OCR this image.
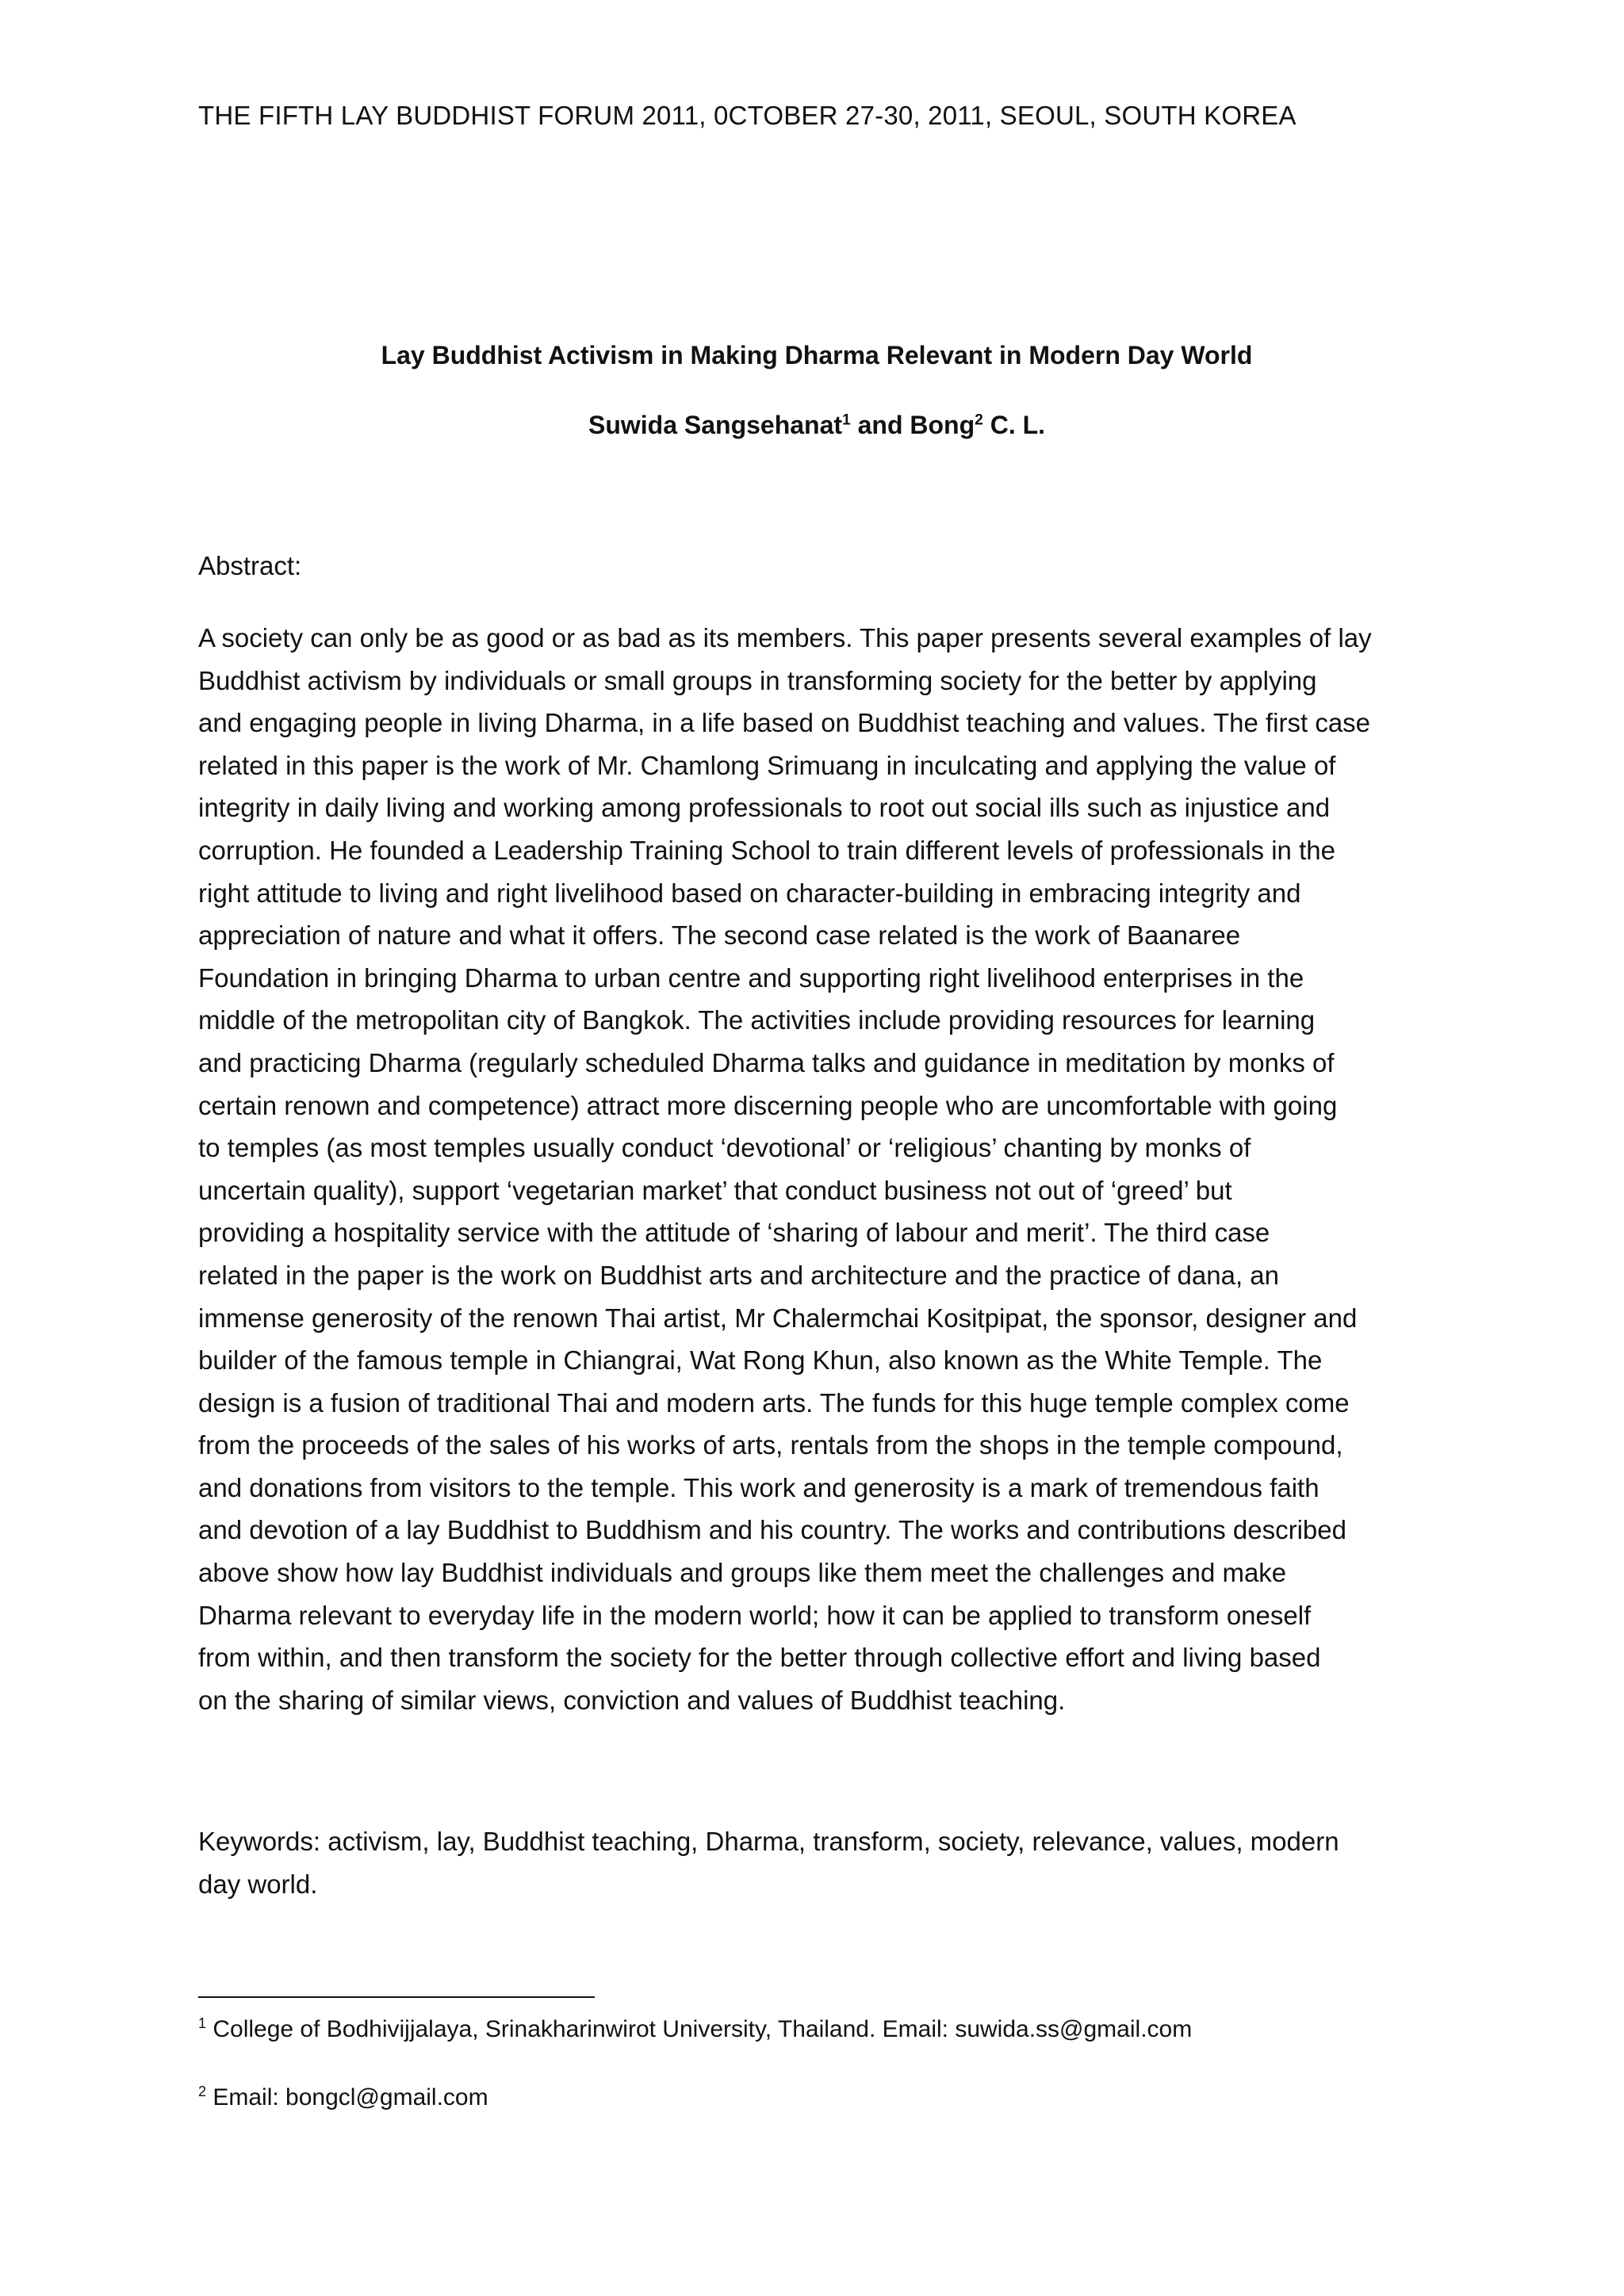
THE FIFTH LAY BUDDHIST FORUM 2011, 0CTOBER 27-30, 2011, SEOUL, SOUTH KOREA
Lay Buddhist Activism in Making Dharma Relevant in Modern Day World
Suwida Sangsehanat$^1$ and Bong$^2$ C. L.
Abstract:
A society can only be as good or as bad as its members. This paper presents several examples of lay
Buddhist activism by individuals or small groups in transforming society for the better by applying
and engaging people in living Dharma, in a life based on Buddhist teaching and values. The first case
related in this paper is the work of Mr. Chamlong Srimuang in inculcating and applying the value of
integrity in daily living and working among professionals to root out social ills such as injustice and
corruption. He founded a Leadership Training School to train different levels of professionals in the
right attitude to living and right livelihood based on character-building in embracing integrity and
appreciation of nature and what it offers. The second case related is the work of Baanaree
Foundation in bringing Dharma to urban centre and supporting right livelihood enterprises in the
middle of the metropolitan city of Bangkok. The activities include providing resources for learning
and practicing Dharma (regularly scheduled Dharma talks and guidance in meditation by monks of
certain renown and competence) attract more discerning people who are uncomfortable with going
to temples (as most temples usually conduct ‘devotional’ or ‘religious’ chanting by monks of
uncertain quality), support ‘vegetarian market’ that conduct business not out of ‘greed’ but
providing a hospitality service with the attitude of ‘sharing of labour and merit’. The third case
related in the paper is the work on Buddhist arts and architecture and the practice of dana, an
immense generosity of the renown Thai artist, Mr Chalermchai Kositpipat, the sponsor, designer and
builder of the famous temple in Chiangrai, Wat Rong Khun, also known as the White Temple. The
design is a fusion of traditional Thai and modern arts. The funds for this huge temple complex come
from the proceeds of the sales of his works of arts, rentals from the shops in the temple compound,
and donations from visitors to the temple. This work and generosity is a mark of tremendous faith
and devotion of a lay Buddhist to Buddhism and his country. The works and contributions described
above show how lay Buddhist individuals and groups like them meet the challenges and make
Dharma relevant to everyday life in the modern world; how it can be applied to transform oneself
from within, and then transform the society for the better through collective effort and living based
on the sharing of similar views, conviction and values of Buddhist teaching.
Keywords: activism, lay, Buddhist teaching, Dharma, transform, society, relevance, values, modern
day world.
$^1$ College of Bodhivijjalaya, Srinakharinwirot University, Thailand. Email: suwida.ss@gmail.com
$^2$ Email: bongcl@gmail.com
